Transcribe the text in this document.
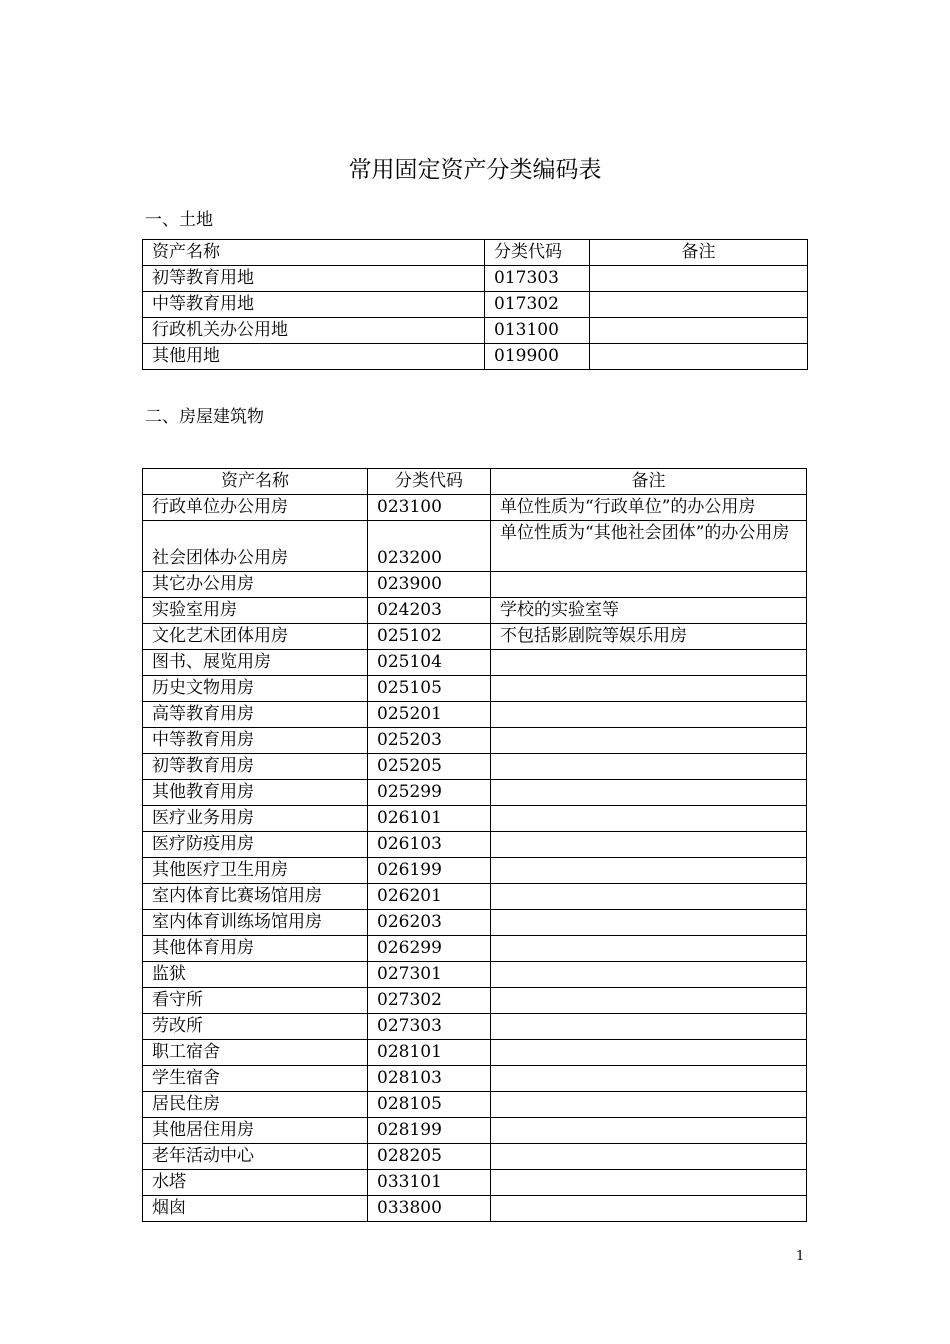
常用固定资产分类编码表
一、土地
资产名称	分类代码	备注
初等教育用地	017303	
中等教育用地	017302	
行政机关办公用地	013100	
其他用地	019900	
二、房屋建筑物
资产名称	分类代码	备注
行政单位办公用房	023100	单位性质为“行政单位”的办公用房
社会团体办公用房	023200	单位性质为“其他社会团体”的办公用房
其它办公用房	023900	
实验室用房	024203	学校的实验室等
文化艺术团体用房	025102	不包括影剧院等娱乐用房
图书、展览用房	025104	
历史文物用房	025105	
高等教育用房	025201	
中等教育用房	025203	
初等教育用房	025205	
其他教育用房	025299	
医疗业务用房	026101	
医疗防疫用房	026103	
其他医疗卫生用房	026199	
室内体育比赛场馆用房	026201	
室内体育训练场馆用房	026203	
其他体育用房	026299	
监狱	027301	
看守所	027302	
劳改所	027303	
职工宿舍	028101	
学生宿舍	028103	
居民住房	028105	
其他居住用房	028199	
老年活动中心	028205	
水塔	033101	
烟囱	033800	
1
